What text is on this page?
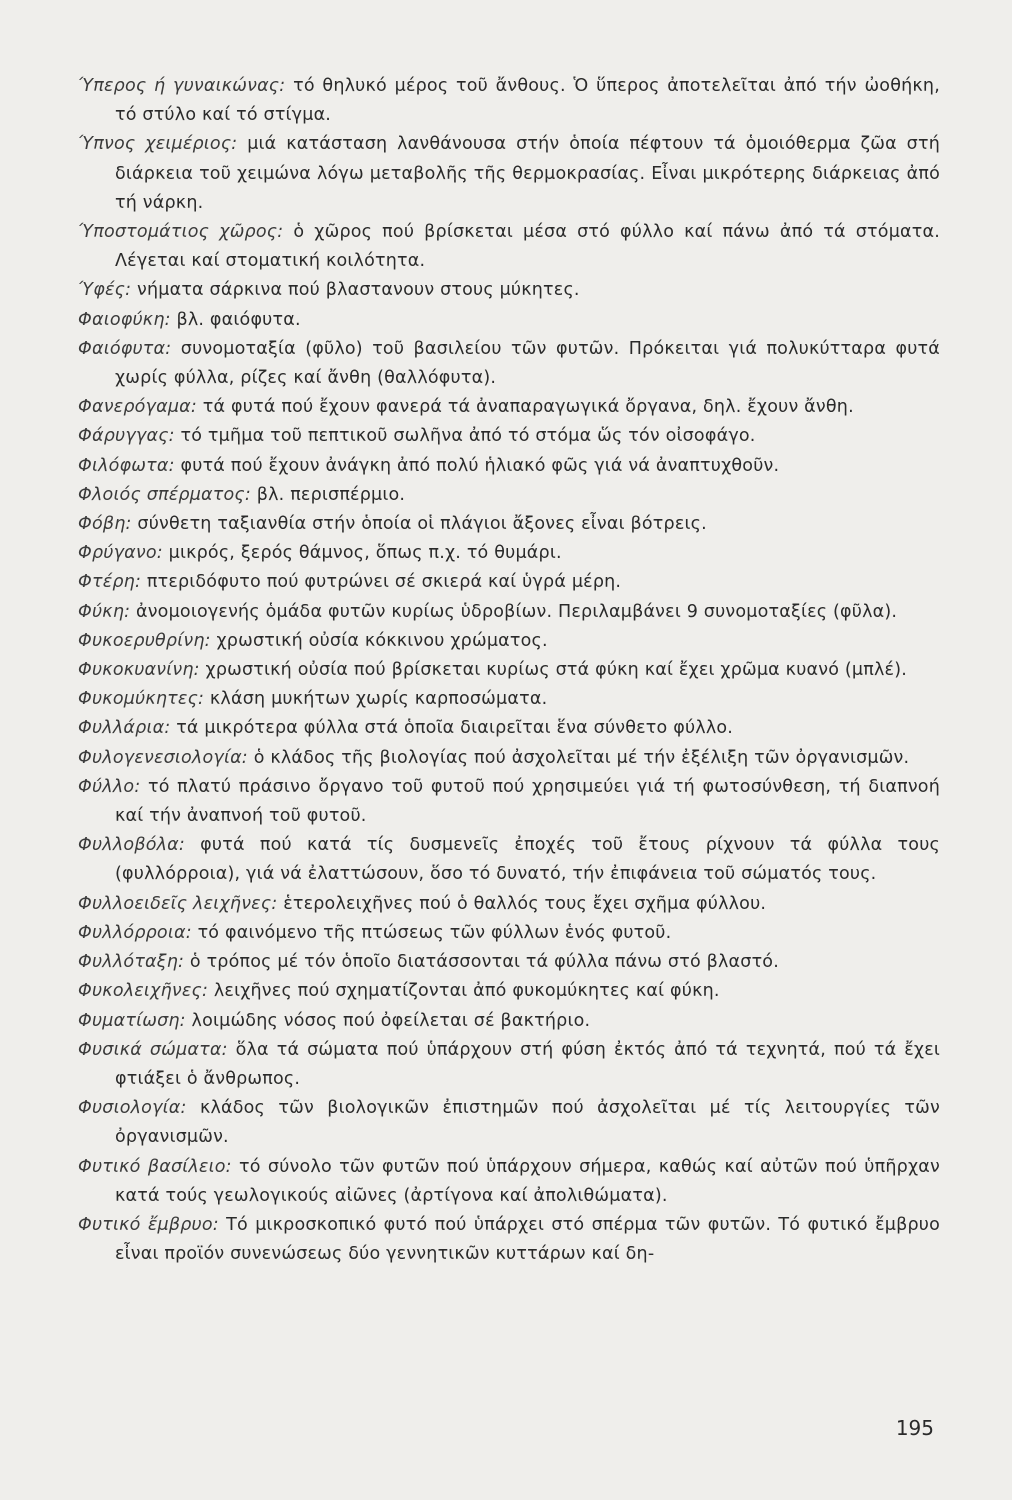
Ύπερος ή γυναικώνας: τό θηλυκό μέρος τοῦ ἄνθους. Ὁ ὕπερος ἀποτελεῖται ἀπό τήν ὠοθήκη, τό στύλο καί τό στίγμα.

Ύπνος χειμέριος: μιά κατάσταση λανθάνουσα στήν ὁποία πέφτουν τά ὁμοιόθερμα ζῶα στή διάρκεια τοῦ χειμώνα λόγω μεταβολῆς τῆς θερμοκρασίας. Εἶναι μικρότερης διάρκειας ἀπό τή νάρκη.

Ύποστομάτιος χῶρος: ὁ χῶρος πού βρίσκεται μέσα στό φύλλο καί πάνω ἀπό τά στόματα. Λέγεται καί στοματική κοιλότητα.

Ύφές: νήματα σάρκινα πού βλαστανουν στους μύκητες.

Φαιοφύκη: βλ. φαιόφυτα.

Φαιόφυτα: συνομοταξία (φῦλο) τοῦ βασιλείου τῶν φυτῶν. Πρόκειται γιά πολυκύτταρα φυτά χωρίς φύλλα, ρίζες καί ἄνθη (θαλλόφυτα).

Φανερόγαμα: τά φυτά πού ἔχουν φανερά τά ἀναπαραγωγικά ὄργανα, δηλ. ἔχουν ἄνθη.

Φάρυγγας: τό τμῆμα τοῦ πεπτικοῦ σωλῆνα ἀπό τό στόμα ὥς τόν οἰσοφάγο.

Φιλόφωτα: φυτά πού ἔχουν ἀνάγκη ἀπό πολύ ἡλιακό φῶς γιά νά ἀναπτυχθοῦν.

Φλοιός σπέρματος: βλ. περισπέρμιο.

Φόβη: σύνθετη ταξιανθία στήν ὁποία οἱ πλάγιοι ἄξονες εἶναι βότρεις.

Φρύγανο: μικρός, ξερός θάμνος, ὅπως π.χ. τό θυμάρι.

Φτέρη: πτεριδόφυτο πού φυτρώνει σέ σκιερά καί ὑγρά μέρη.

Φύκη: ἀνομοιογενής ὁμάδα φυτῶν κυρίως ὑδροβίων. Περιλαμβάνει 9 συνομοταξίες (φῦλα).

Φυκοερυθρίνη: χρωστική οὐσία κόκκινου χρώματος.

Φυκοκυανίνη: χρωστική οὐσία πού βρίσκεται κυρίως στά φύκη καί ἔχει χρῶμα κυανό (μπλέ).

Φυκομύκητες: κλάση μυκήτων χωρίς καρποσώματα.

Φυλλάρια: τά μικρότερα φύλλα στά ὁποῖα διαιρεῖται ἕνα σύνθετο φύλλο.

Φυλογενεσιολογία: ὁ κλάδος τῆς βιολογίας πού ἀσχολεῖται μέ τήν ἐξέλιξη τῶν ὀργανισμῶν.

Φύλλο: τό πλατύ πράσινο ὄργανο τοῦ φυτοῦ πού χρησιμεύει γιά τή φωτοσύνθεση, τή διαπνοή καί τήν ἀναπνοή τοῦ φυτοῦ.

Φυλλοβόλα: φυτά πού κατά τίς δυσμενεῖς ἐποχές τοῦ ἔτους ρίχνουν τά φύλλα τους (φυλλόρροια), γιά νά ἐλαττώσουν, ὅσο τό δυνατό, τήν ἐπιφάνεια τοῦ σώματός τους.

Φυλλοειδεῖς λειχῆνες: ἑτερολειχῆνες πού ὁ θαλλός τους ἔχει σχῆμα φύλλου.

Φυλλόρροια: τό φαινόμενο τῆς πτώσεως τῶν φύλλων ἑνός φυτοῦ.

Φυλλόταξη: ὁ τρόπος μέ τόν ὁποῖο διατάσσονται τά φύλλα πάνω στό βλαστό.

Φυκολειχῆνες: λειχῆνες πού σχηματίζονται ἀπό φυκομύκητες καί φύκη.

Φυματίωση: λοιμώδης νόσος πού ὀφείλεται σέ βακτήριο.

Φυσικά σώματα: ὅλα τά σώματα πού ὑπάρχουν στή φύση ἐκτός ἀπό τά τεχνητά, πού τά ἔχει φτιάξει ὁ ἄνθρωπος.

Φυσιολογία: κλάδος τῶν βιολογικῶν ἐπιστημῶν πού ἀσχολεῖται μέ τίς λειτουργίες τῶν ὀργανισμῶν.

Φυτικό βασίλειο: τό σύνολο τῶν φυτῶν πού ὑπάρχουν σήμερα, καθώς καί αὐτῶν πού ὑπῆρχαν κατά τούς γεωλογικούς αἰῶνες (ἀρτίγονα καί ἀπολιθώματα).

Φυτικό ἔμβρυο: Τό μικροσκοπικό φυτό πού ὑπάρχει στό σπέρμα τῶν φυτῶν. Τό φυτικό ἔμβρυο εἶναι προϊόν συνενώσεως δύο γεννητικῶν κυττάρων καί δη-

195
